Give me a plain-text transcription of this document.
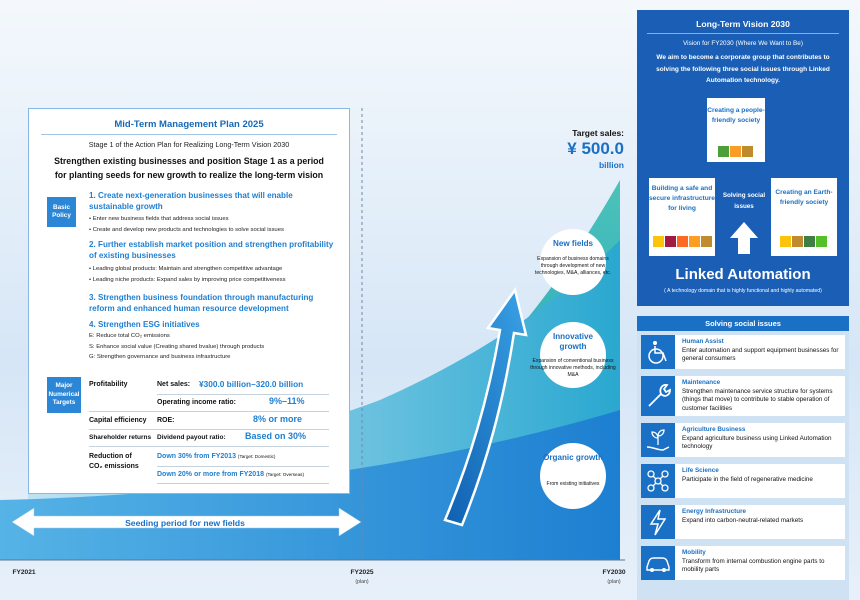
Seeding period for new fields
Mid-Term Management Plan 2025
Stage 1 of the Action Plan for Realizing Long-Term Vision 2030
Strengthen existing businesses and position Stage 1 as a period
for planting seeds for new growth to realize the long-term vision
Basic Policy
1. Create next-generation businesses that will enable sustainable growth
• Enter new business fields that address social issues
• Create and develop new products and technologies to solve social issues
2. Further establish market position and strengthen profitability of existing businesses
• Leading global products: Maintain and strengthen competitive advantage
• Leading niche products: Expand sales by improving price competitiveness
3. Strengthen business foundation through manufacturing reform and enhanced human resource development
4. Strengthen ESG initiatives
E: Reduce total CO₂ emissions
S: Enhance social value (Creating shared bvalue) through products
G: Strengthen governance and business infrastructure
Major Numerical Targets
Profitability	Net sales: ¥300.0 billion–320.0 billion
Operating income ratio:	9%–11%
Capital efficiency ROE:	8% or more
Shareholder returns Dividend payout ratio: Based on 30%
Reduction of
CO₂ emissions
Down 30% from FY2013 (Target: Domestic)
Down 20% or more from FY2018 (Target: Overseas)
Target sales:
¥ 500.0
billion
New fields
Expansion of business domains through development of new technologies, M&A, alliances, etc.
Innovative growth
Expansion of conventional business through innovative methods, including M&A
Organic growth
From existing initiatives
FY2021	FY2025
(plan)
FY2030
(plan)
Long-Term Vision 2030
Vision for FY2030 (Where We Want to Be)
We aim to become a corporate group that contributes to solving the following three social issues through Linked Automation technology.
Creating a people-friendly society
Building a safe and secure infrastructure for living
Solving social issues
Creating an Earth-friendly society
Linked Automation
( A technology domain that is highly functional and highly automated)
Solving social issues
Human Assist
Enter automation and support equipment businesses for general consumers
Maintenance
Strengthen maintenance service structure for systems (things that move) to contribute to stable operation of customer facilities
Agriculture Business
Expand agriculture business using Linked Automation technology
Life Science
Participate in the field of regenerative medicine
Energy Infrastructure
Expand into carbon-neutral-related markets
Mobility
Transform from internal combustion engine parts to mobility parts
